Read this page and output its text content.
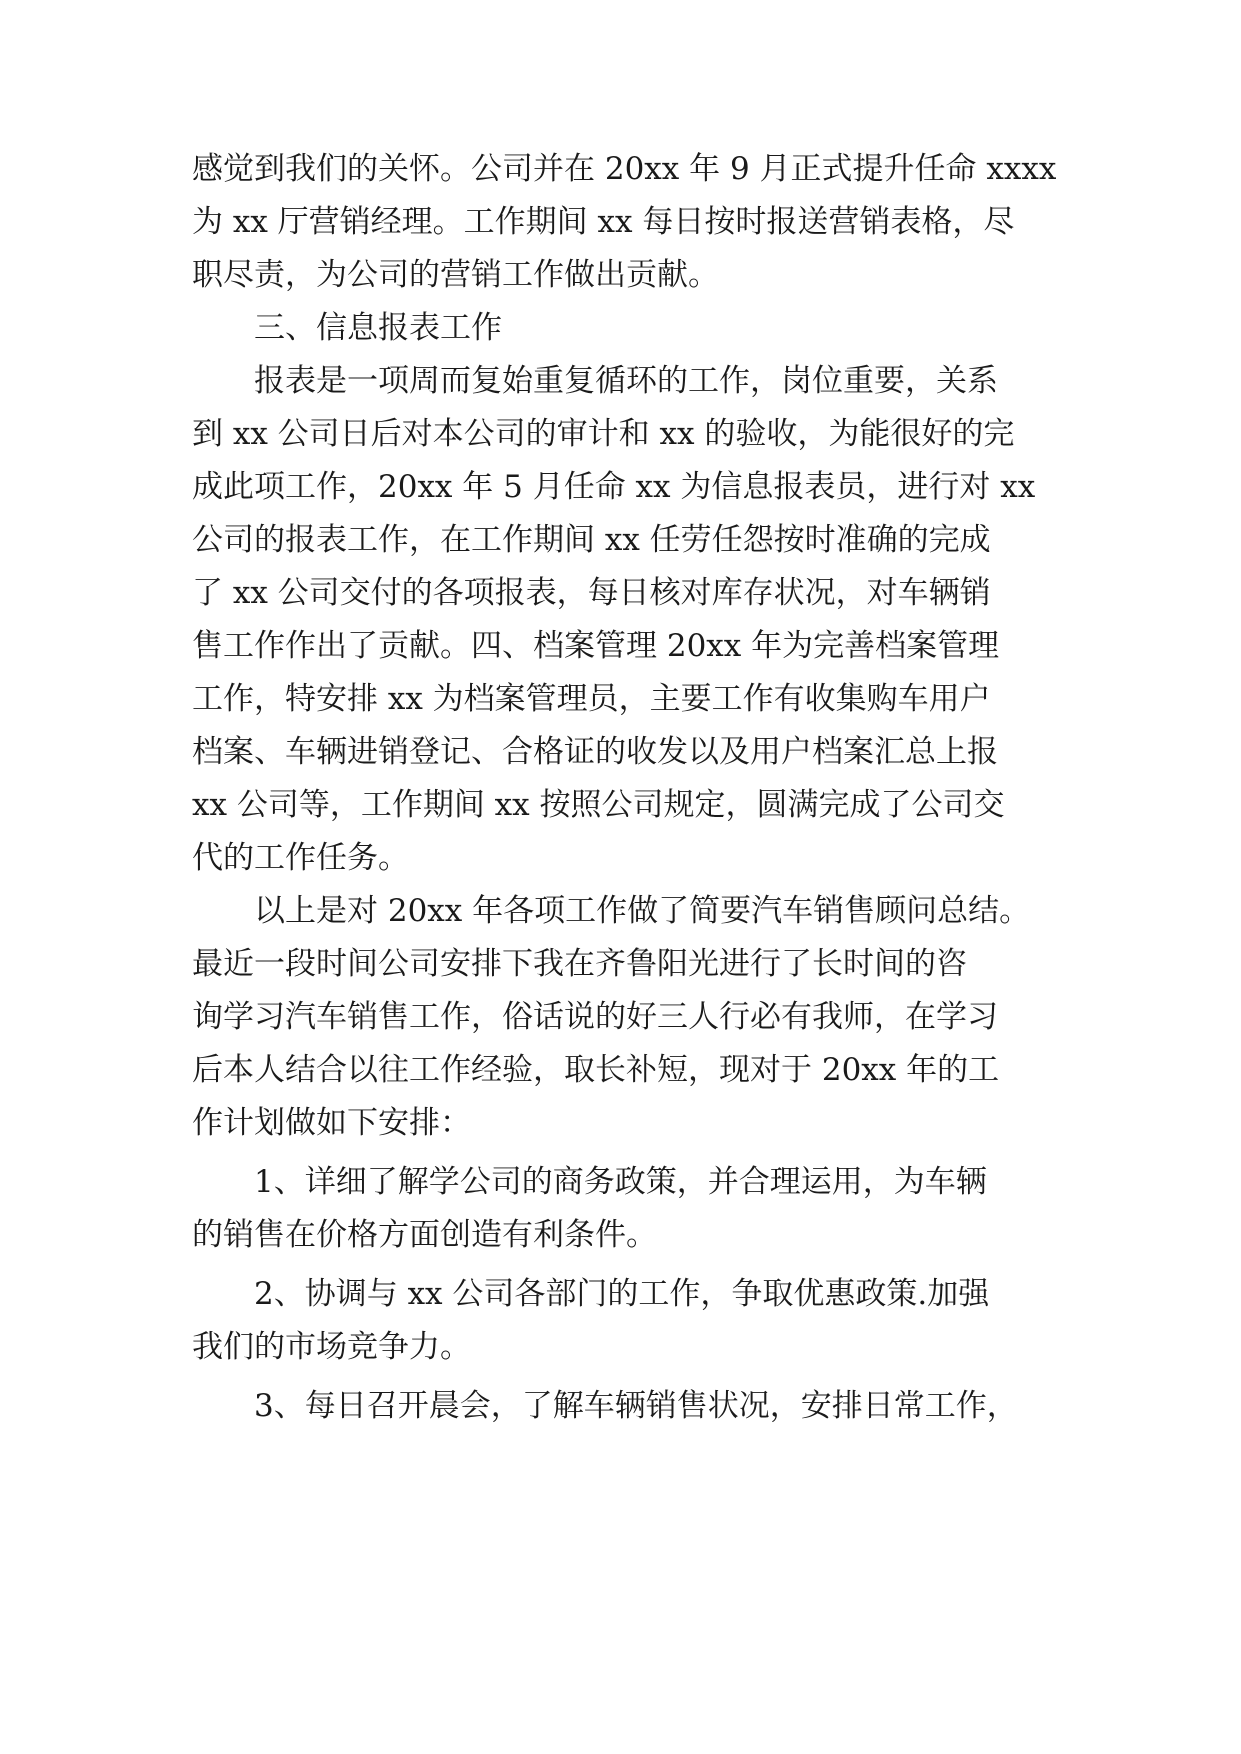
感觉到我们的关怀。公司并在 20xx 年 9 月正式提升任命 xxxx

为 xx 厅营销经理。工作期间 xx 每日按时报送营销表格，尽

职尽责，为公司的营销工作做出贡献。

三、信息报表工作

报表是一项周而复始重复循环的工作，岗位重要，关系

到 xx 公司日后对本公司的审计和 xx 的验收，为能很好的完

成此项工作，20xx 年 5 月任命 xx 为信息报表员，进行对 xx

公司的报表工作，在工作期间 xx 任劳任怨按时准确的完成

了 xx 公司交付的各项报表，每日核对库存状况，对车辆销

售工作作出了贡献。四、档案管理 20xx 年为完善档案管理

工作，特安排 xx 为档案管理员，主要工作有收集购车用户

档案、车辆进销登记、合格证的收发以及用户档案汇总上报

xx 公司等，工作期间 xx 按照公司规定，圆满完成了公司交

代的工作任务。

以上是对 20xx 年各项工作做了简要汽车销售顾问总结。

最近一段时间公司安排下我在齐鲁阳光进行了长时间的咨

询学习汽车销售工作，俗话说的好三人行必有我师，在学习

后本人结合以往工作经验，取长补短，现对于 20xx 年的工

作计划做如下安排：

1、详细了解学公司的商务政策，并合理运用，为车辆

的销售在价格方面创造有利条件。

2、协调与 xx 公司各部门的工作，争取优惠政策.加强

我们的市场竞争力。

3、每日召开晨会，了解车辆销售状况，安排日常工作，
